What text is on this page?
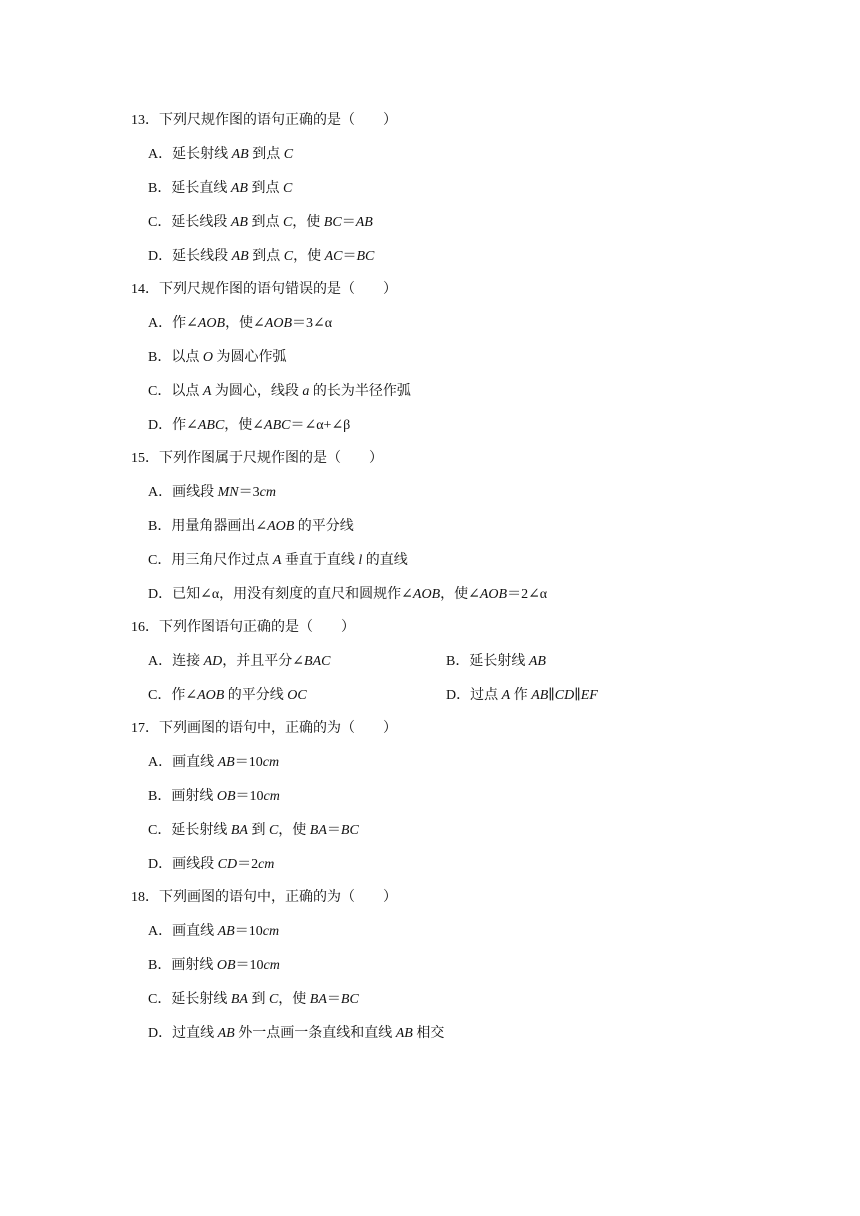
13．下列尺规作图的语句正确的是（　　）
A．延长射线 AB 到点 C
B．延长直线 AB 到点 C
C．延长线段 AB 到点 C，使 BC＝AB
D．延长线段 AB 到点 C，使 AC＝BC
14．下列尺规作图的语句错误的是（　　）
A．作∠AOB，使∠AOB＝3∠α
B．以点 O 为圆心作弧
C．以点 A 为圆心，线段 a 的长为半径作弧
D．作∠ABC，使∠ABC＝∠α+∠β
15．下列作图属于尺规作图的是（　　）
A．画线段 MN＝3cm
B．用量角器画出∠AOB 的平分线
C．用三角尺作过点 A 垂直于直线 l 的直线
D．已知∠α，用没有刻度的直尺和圆规作∠AOB，使∠AOB＝2∠α
16．下列作图语句正确的是（　　）
A．连接 AD，并且平分∠BAC	B．延长射线 AB
C．作∠AOB 的平分线 OC	D．过点 A 作 AB∥CD∥EF
17．下列画图的语句中，正确的为（　　）
A．画直线 AB＝10cm
B．画射线 OB＝10cm
C．延长射线 BA 到 C，使 BA＝BC
D．画线段 CD＝2cm
18．下列画图的语句中，正确的为（　　）
A．画直线 AB＝10cm
B．画射线 OB＝10cm
C．延长射线 BA 到 C，使 BA＝BC
D．过直线 AB 外一点画一条直线和直线 AB 相交
